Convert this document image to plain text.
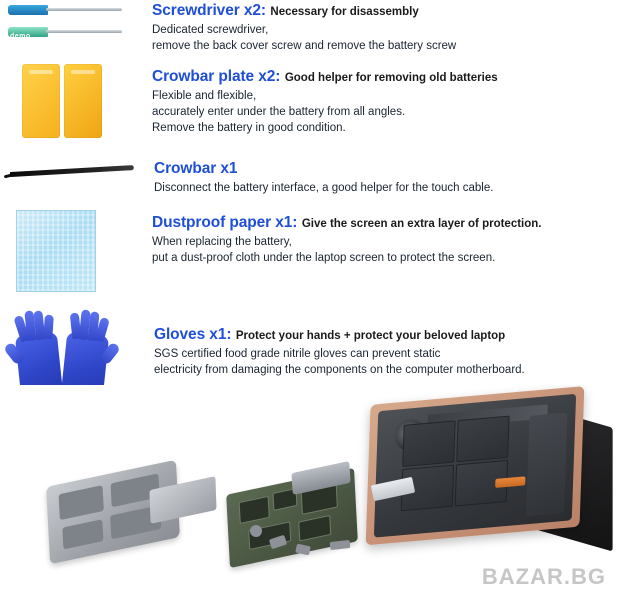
demo
Screwdriver x2: Necessary for disassembly
Dedicated screwdriver,
remove the back cover screw and remove the battery screw
Crowbar plate x2: Good helper for removing old batteries
Flexible and flexible,
accurately enter under the battery from all angles.
Remove the battery in good condition.
Crowbar x1
Disconnect the battery interface, a good helper for the touch cable.
Dustproof paper x1: Give the screen an extra layer of protection.
When replacing the battery,
put a dust-proof cloth under the laptop screen to protect the screen.
Gloves x1: Protect your hands + protect your beloved laptop
SGS certified food grade nitrile gloves can prevent static
electricity from damaging the components on the computer motherboard.
BAZAR.BG
